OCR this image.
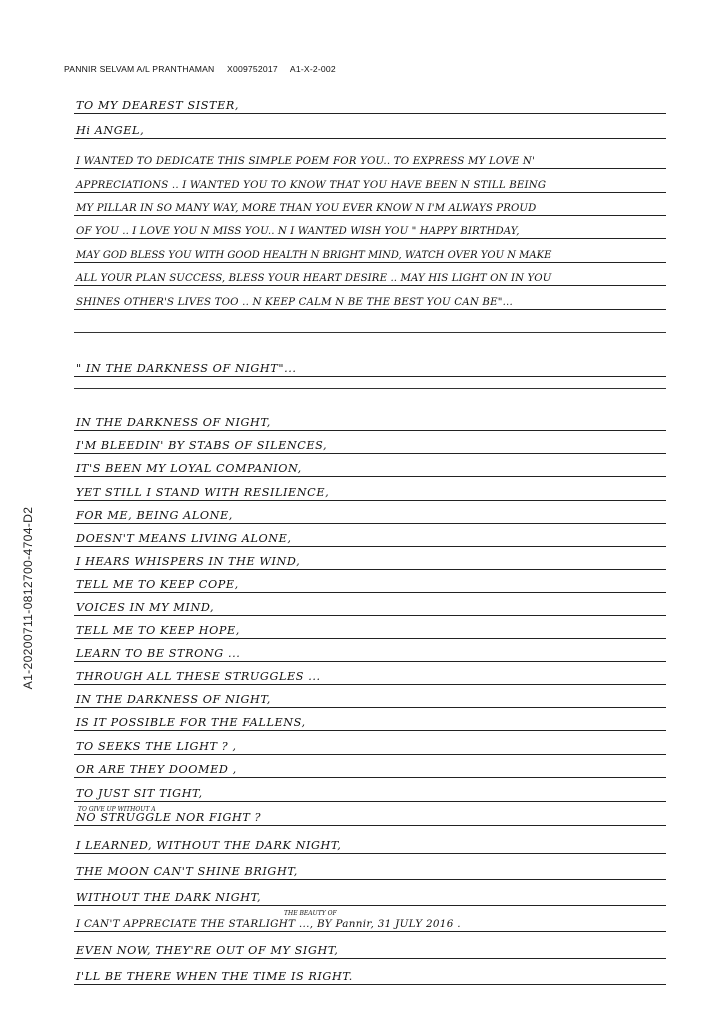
PANNIR SELVAM A/L PRANTHAMAN X009752017 A1-X-2-002
A1-20200711-0812700-4704-D2
TO MY DEAREST SISTER,
Hi ANGEL,
I WANTED TO DEDICATE THIS SIMPLE POEM FOR YOU.. TO EXPRESS MY LOVE N'
APPRECIATIONS .. I WANTED YOU TO KNOW THAT YOU HAVE BEEN N STILL BEING
MY PILLAR IN SO MANY WAY, MORE THAN YOU EVER KNOW N I'M ALWAYS PROUD
OF YOU .. I LOVE YOU N MISS YOU.. N I WANTED WISH YOU " HAPPY BIRTHDAY,
MAY GOD BLESS YOU WITH GOOD HEALTH N BRIGHT MIND, WATCH OVER YOU N MAKE
ALL YOUR PLAN SUCCESS, BLESS YOUR HEART DESIRE .. MAY HIS LIGHT ON IN YOU
SHINES OTHER'S LIVES TOO .. N KEEP CALM N BE THE BEST YOU CAN BE"...
" IN THE DARKNESS OF NIGHT"...
IN THE DARKNESS OF NIGHT,
I'M BLEEDIN' BY STABS OF SILENCES,
IT'S BEEN MY LOYAL COMPANION,
YET STILL I STAND WITH RESILIENCE,
FOR ME, BEING ALONE,
DOESN'T MEANS LIVING ALONE,
I HEARS WHISPERS IN THE WIND,
TELL ME TO KEEP COPE,
VOICES IN MY MIND,
TELL ME TO KEEP HOPE,
LEARN TO BE STRONG ...
THROUGH ALL THESE STRUGGLES ...
IN THE DARKNESS OF NIGHT,
IS IT POSSIBLE FOR THE FALLENS,
TO SEEKS THE LIGHT ? ,
OR ARE THEY DOOMED ,
TO JUST SIT TIGHT,
TO GIVE UP WITHOUT A
NO STRUGGLE NOR FIGHT ?
I LEARNED, WITHOUT THE DARK NIGHT,
THE MOON CAN'T SHINE BRIGHT,
WITHOUT THE DARK NIGHT,
THE BEAUTY OF
I CAN'T APPRECIATE THE STARLIGHT ..., BY Pannir, 31 JULY 2016 .
EVEN NOW, THEY'RE OUT OF MY SIGHT,
I'LL BE THERE WHEN THE TIME IS RIGHT.
